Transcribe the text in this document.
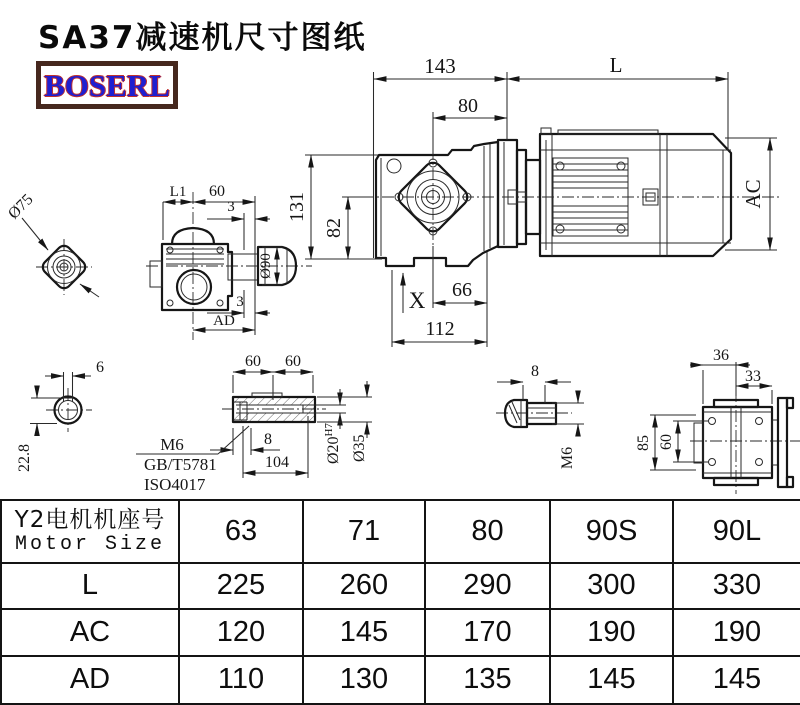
SA37减速机尺寸图纸
BOSERL
143	L
80
AC
131
82
X 66
112
Ø75	L1 60
3
Ø90
3
AD
6
22.8
60 60
8
104 $Ø20^{H7}$
Ø35
M6
GB/T5781
ISO4017
8
M6
36
33
85 60
Y2电机机座号
Motor Size	63	71	80	90S	90L
L	225	260	290	300	330
AC	120	145	170	190	190
AD	110	130	135	145	145
